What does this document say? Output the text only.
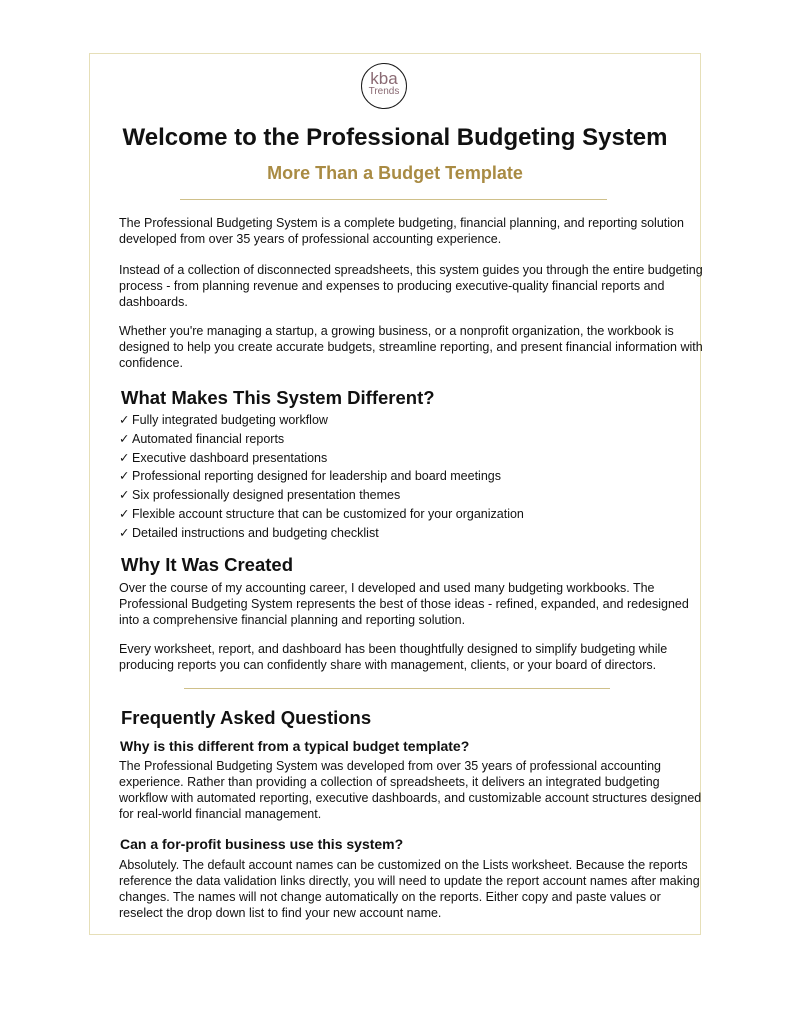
kba
Trends
Welcome to the Professional Budgeting System
More Than a Budget Template

The Professional Budgeting System is a complete budgeting, financial planning, and reporting solution developed from over 35 years of professional accounting experience.

Instead of a collection of disconnected spreadsheets, this system guides you through the entire budgeting process - from planning revenue and expenses to producing executive-quality financial reports and dashboards.

Whether you're managing a startup, a growing business, or a nonprofit organization, the workbook is designed to help you create accurate budgets, streamline reporting, and present financial information with confidence.

What Makes This System Different?
✓ Fully integrated budgeting workflow
✓ Automated financial reports
✓ Executive dashboard presentations
✓ Professional reporting designed for leadership and board meetings
✓ Six professionally designed presentation themes
✓ Flexible account structure that can be customized for your organization
✓ Detailed instructions and budgeting checklist
Why It Was Created

Over the course of my accounting career, I developed and used many budgeting workbooks. The Professional Budgeting System represents the best of those ideas - refined, expanded, and redesigned into a comprehensive financial planning and reporting solution.

Every worksheet, report, and dashboard has been thoughtfully designed to simplify budgeting while producing reports you can confidently share with management, clients, or your board of directors.

Frequently Asked Questions
Why is this different from a typical budget template?

The Professional Budgeting System was developed from over 35 years of professional accounting experience. Rather than providing a collection of spreadsheets, it delivers an integrated budgeting workflow with automated reporting, executive dashboards, and customizable account structures designed for real-world financial management.

Can a for-profit business use this system?

Absolutely. The default account names can be customized on the Lists worksheet. Because the reports reference the data validation links directly, you will need to update the report account names after making changes. The names will not change automatically on the reports. Either copy and paste values or reselect the drop down list to find your new account name.
